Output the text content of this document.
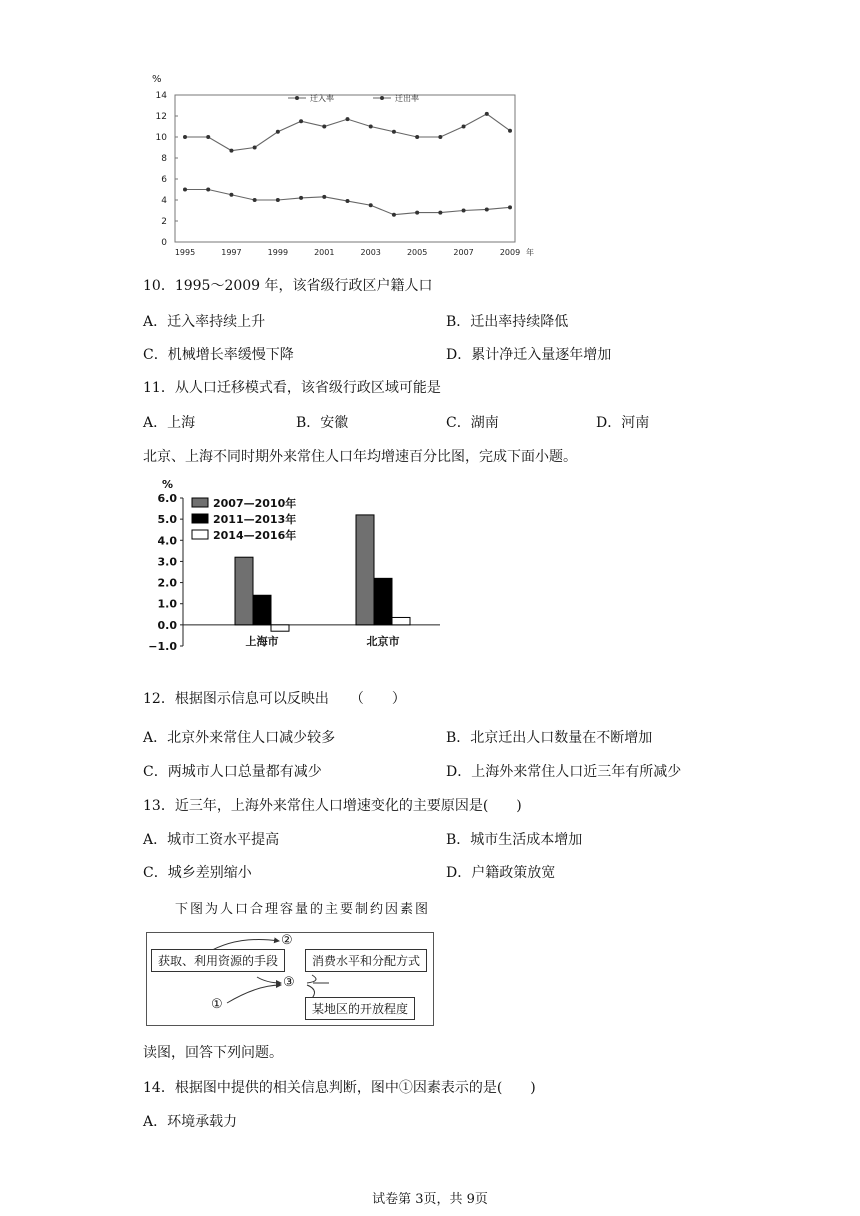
%
0
2
4
6
8
10
12
14
1995	1997	1999	2001	2003	2005	2007	2009 年
迁入率	迁出率
10．1995～2009 年，该省级行政区户籍人口
A．迁入率持续上升	B．迁出率持续降低
C．机械增长率缓慢下降	D．累计净迁入量逐年增加
11．从人口迁移模式看，该省级行政区域可能是
A．上海	B．安徽	C．湖南	D．河南
北京、上海不同时期外来常住人口年均增速百分比图，完成下面小题。
%
6.0
5.0
4.0
3.0
2.0
1.0
0.0
−1.0	上海市	北京市
2007—2010年
2011—2013年
2014—2016年
12．根据图示信息可以反映出　　（　　）
A．北京外来常住人口减少较多	B．北京迁出人口数量在不断增加
C．两城市人口总量都有减少	D．上海外来常住人口近三年有所减少
13．近三年，上海外来常住人口增速变化的主要原因是(　　)
A．城市工资水平提高	B．城市生活成本增加
C．城乡差别缩小	D．户籍政策放宽
下图为人口合理容量的主要制约因素图
获取、利用资源的手段	消费水平和分配方式
某地区的开放程度
②
③
①
读图，回答下列问题。
14．根据图中提供的相关信息判断，图中①因素表示的是(　　)
A．环境承载力
试卷第 3页，共 9页
